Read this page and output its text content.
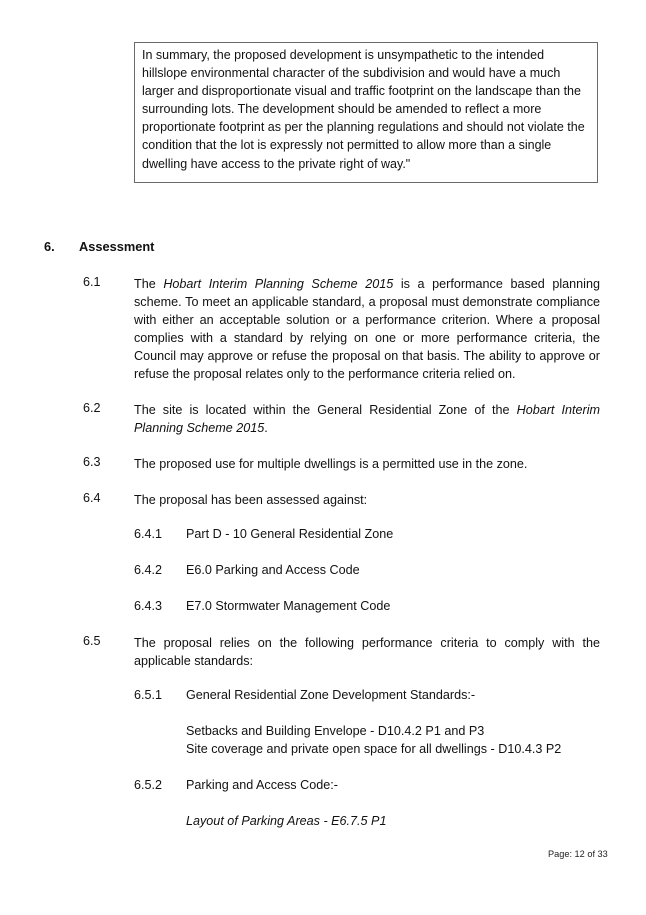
In summary, the proposed development is unsympathetic to the intended hillslope environmental character of the subdivision and would have a much larger and disproportionate visual and traffic footprint on the landscape than the surrounding lots. The development should be amended to reflect a more proportionate footprint as per the planning regulations and should not violate the condition that the lot is expressly not permitted to allow more than a single dwelling have access to the private right of way."

6. Assessment
6.1	The Hobart Interim Planning Scheme 2015 is a performance based planning scheme. To meet an applicable standard, a proposal must demonstrate compliance with either an acceptable solution or a performance criterion. Where a proposal complies with a standard by relying on one or more performance criteria, the Council may approve or refuse the proposal on that basis. The ability to approve or refuse the proposal relates only to the performance criteria relied on.
6.2	The site is located within the General Residential Zone of the Hobart Interim Planning Scheme 2015.
6.3	The proposed use for multiple dwellings is a permitted use in the zone.
6.4	The proposal has been assessed against:
6.4.1 Part D - 10 General Residential Zone
6.4.2 E6.0 Parking and Access Code
6.4.3 E7.0 Stormwater Management Code
6.5	The proposal relies on the following performance criteria to comply with the applicable standards:
6.5.1 General Residential Zone Development Standards:-
Setbacks and Building Envelope - D10.4.2 P1 and P3
Site coverage and private open space for all dwellings - D10.4.3 P2
6.5.2 Parking and Access Code:-
Layout of Parking Areas - E6.7.5 P1
Page: 12 of 33
